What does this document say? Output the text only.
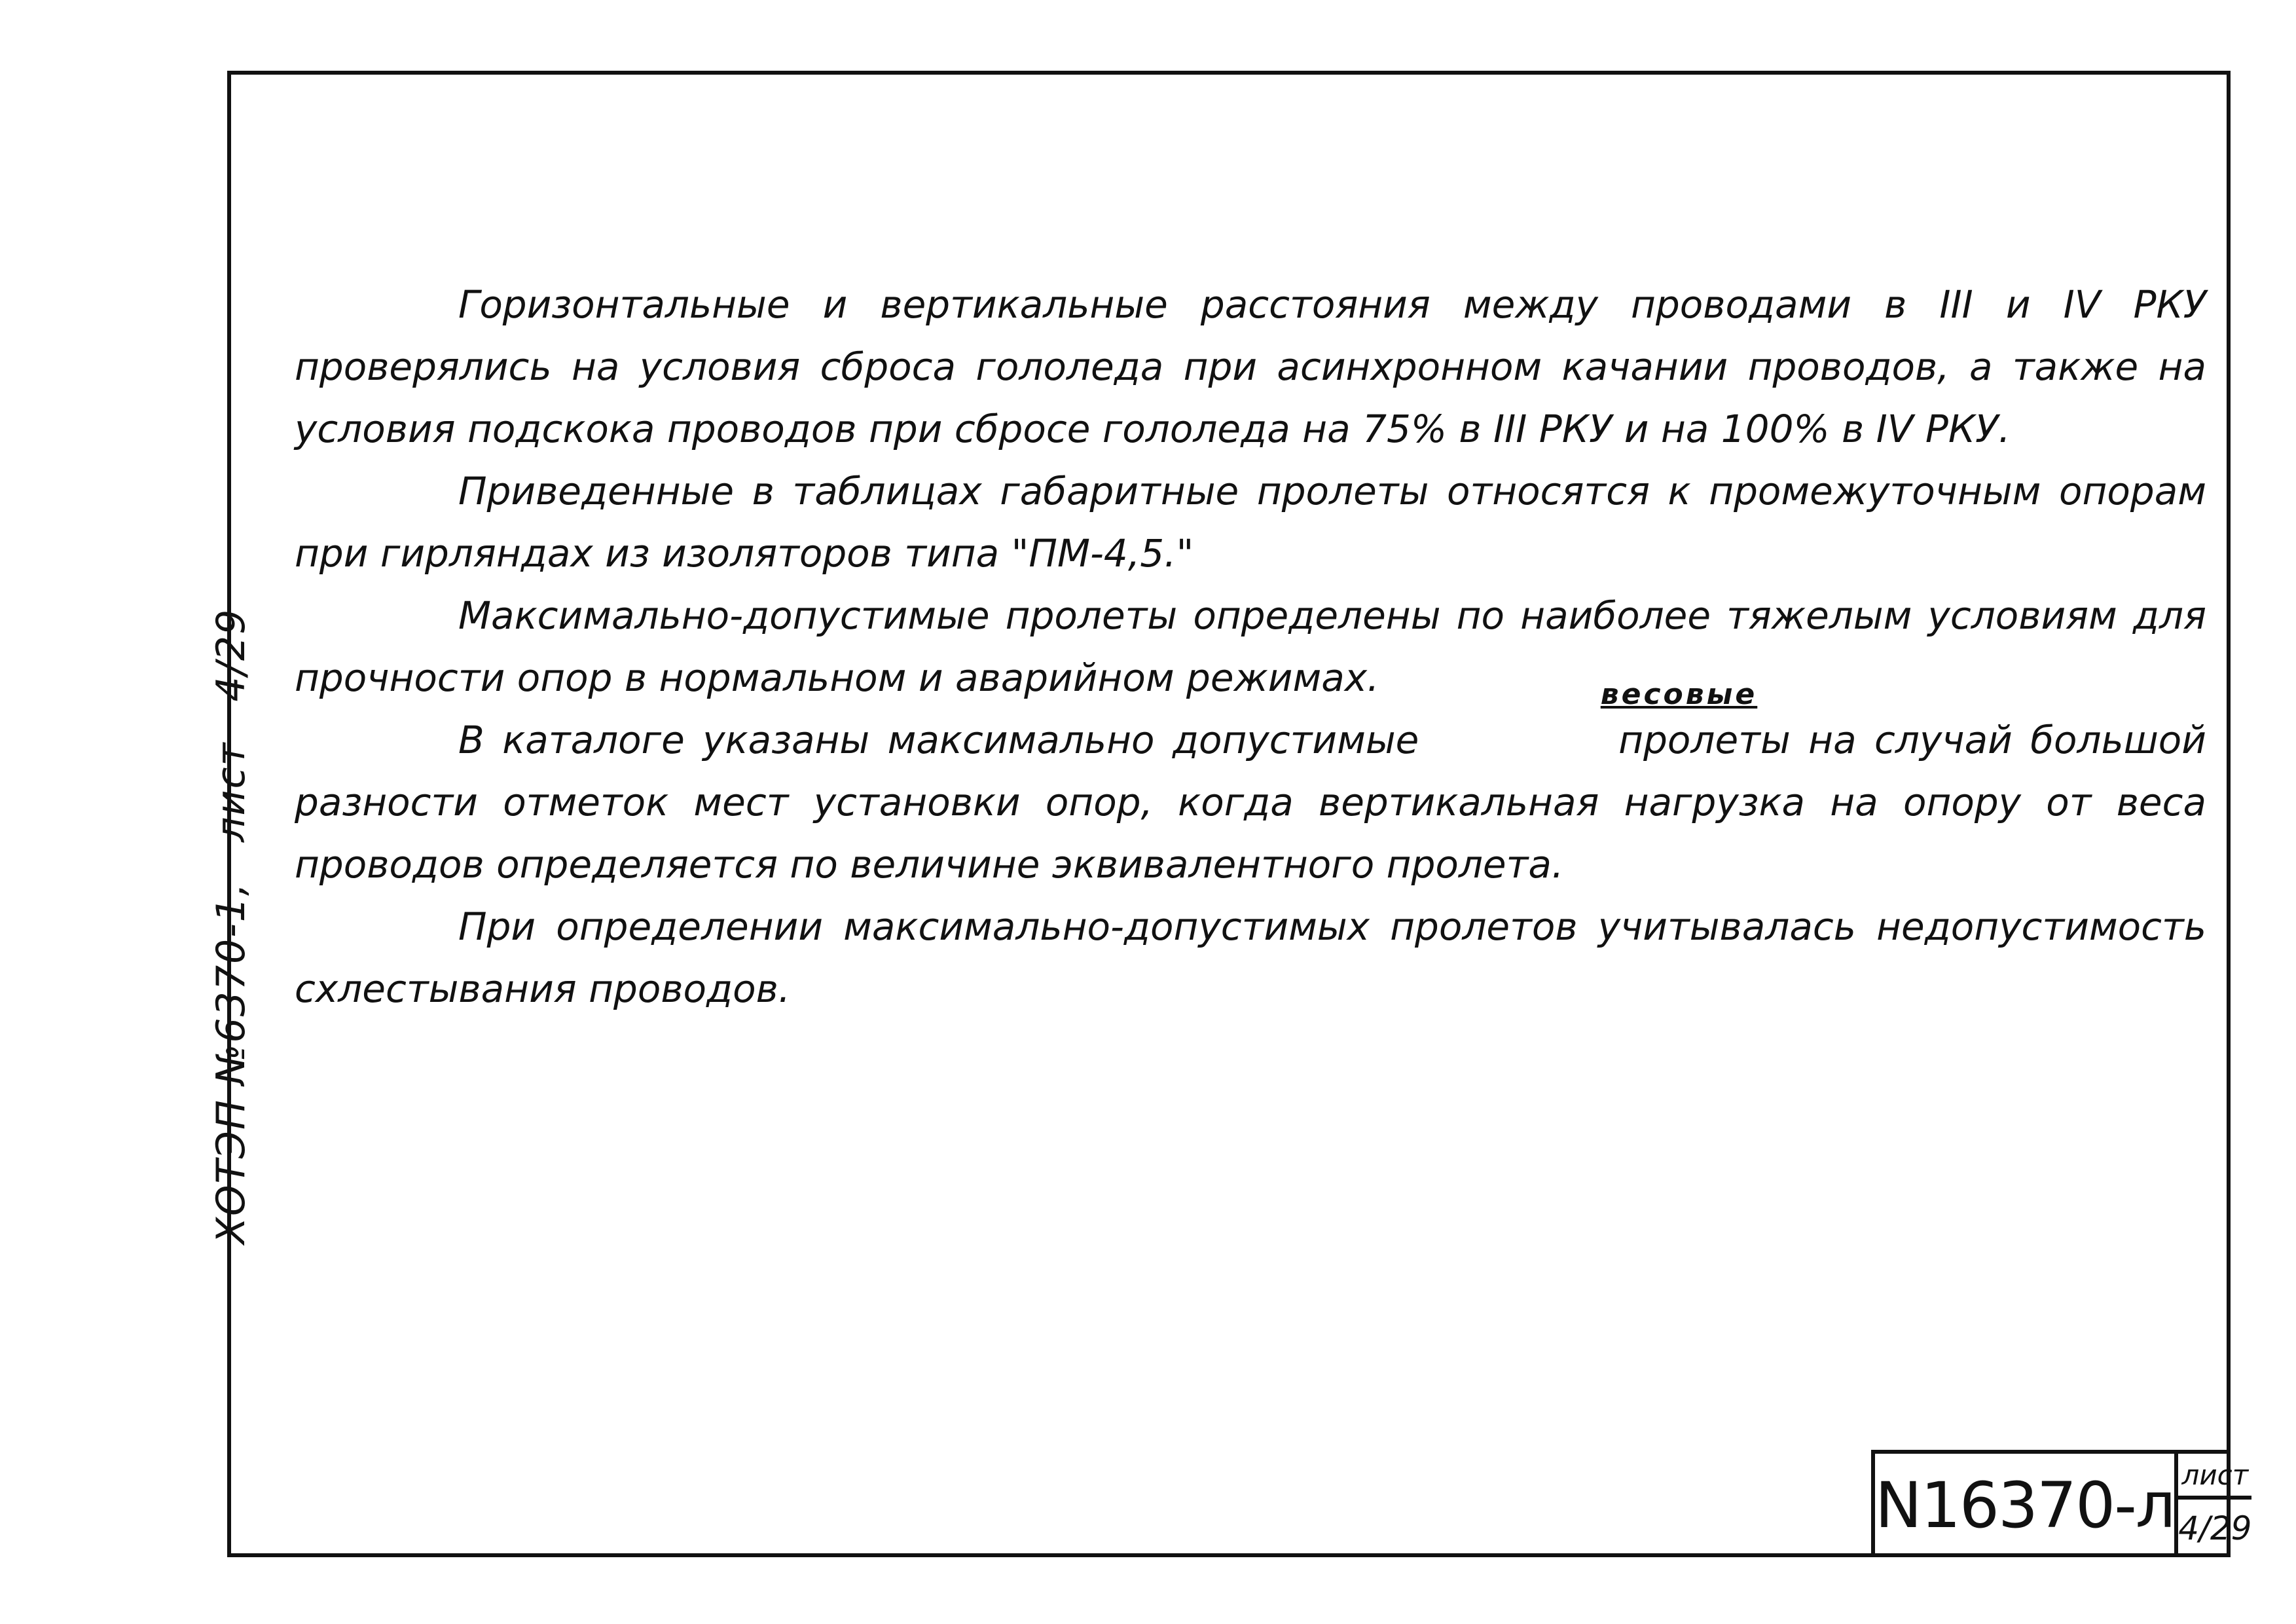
ХОТЭП №6370-1, лист 4/29

Горизонтальные и вертикальные расстояния между проводами в III и IV РКУ проверялись на условия сброса гололеда при асинхронном качании проводов, а также на условия подскока проводов при сбросе гололеда на 75% в III РКУ и на 100% в IV РКУ.

Приведенные в таблицах габаритные пролеты относятся к промежуточным опорам при гирляндах из изоляторов типа "ПМ-4,5."

Максимально-допустимые пролеты определены по наиболее тяжелым условиям для прочности опор в нормальном и аварийном режимах.

В каталоге указаны максимально допустимые
весовые
пролеты на случай большой разности отметок мест установки опор, когда вертикальная нагрузка на опору от веса проводов определяется по величине эквивалентного пролета.

При определении максимально-допустимых пролетов учитывалась недопустимость схлестывания проводов.

N16370-л лист
4/29
